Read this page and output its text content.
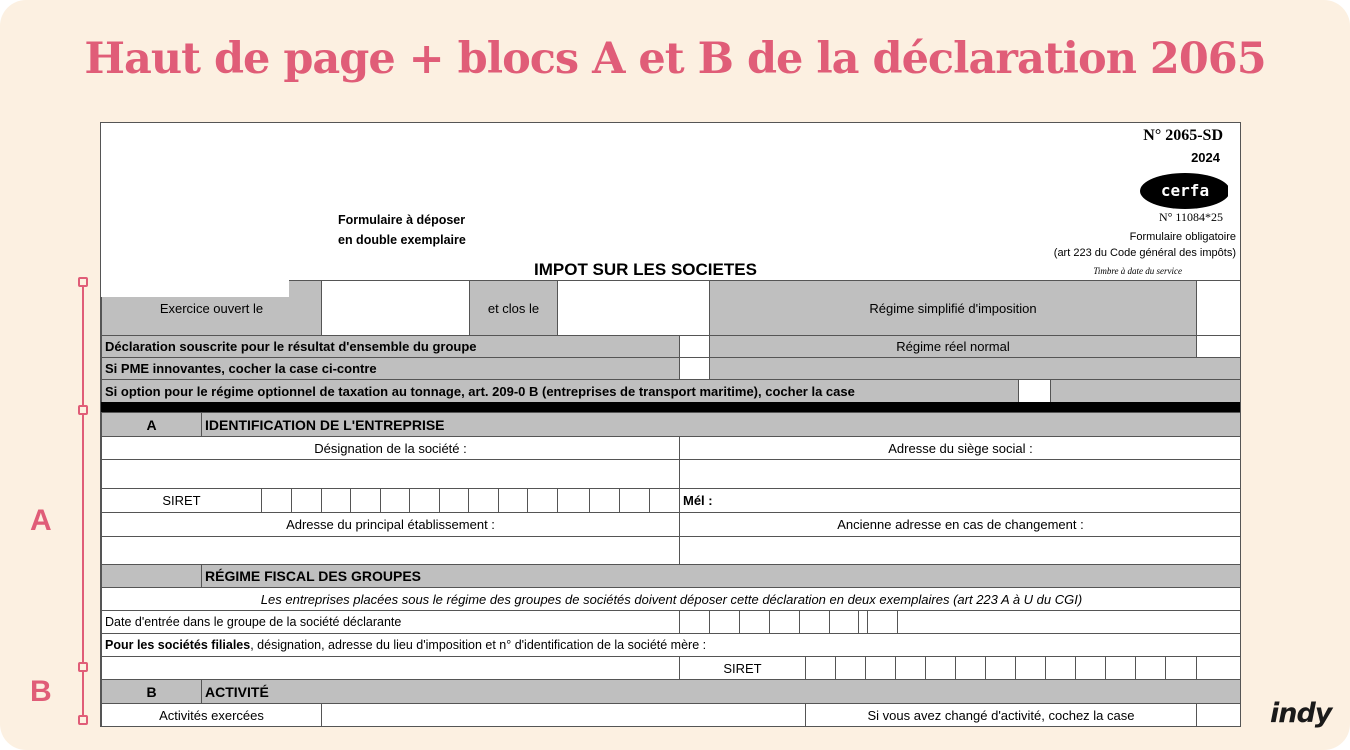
Haut de page + blocs A et B de la déclaration 2065
A
B
indy
Formulaire à déposer
en double exemplaire
IMPOT SUR LES SOCIETES
N° 2065-SD
2024
cerfa
N° 11084*25
Formulaire obligatoire
(art 223 du Code général des impôts)
Timbre à date du service
Exercice ouvert le	et clos le	Régime simplifié d'imposition
Déclaration souscrite pour le résultat d'ensemble du groupe	Régime réel normal
Si PME innovantes, cocher la case ci-contre
Si option pour le régime optionnel de taxation au tonnage, art. 209-0 B (entreprises de transport maritime), cocher la case
A	IDENTIFICATION DE L'ENTREPRISE
Désignation de la société :	Adresse du siège social :
SIRET	Mél :
Adresse du principal établissement :	Ancienne adresse en cas de changement :
RÉGIME FISCAL DES GROUPES
Les entreprises placées sous le régime des groupes de sociétés doivent déposer cette déclaration en deux exemplaires (art 223 A à U du CGI)
Date d'entrée dans le groupe de la société déclarante
Pour les sociétés filiales , désignation, adresse du lieu d'imposition et n° d'identification de la société mère :
SIRET
B	ACTIVITÉ
Activités exercées	Si vous avez changé d'activité, cochez la case
